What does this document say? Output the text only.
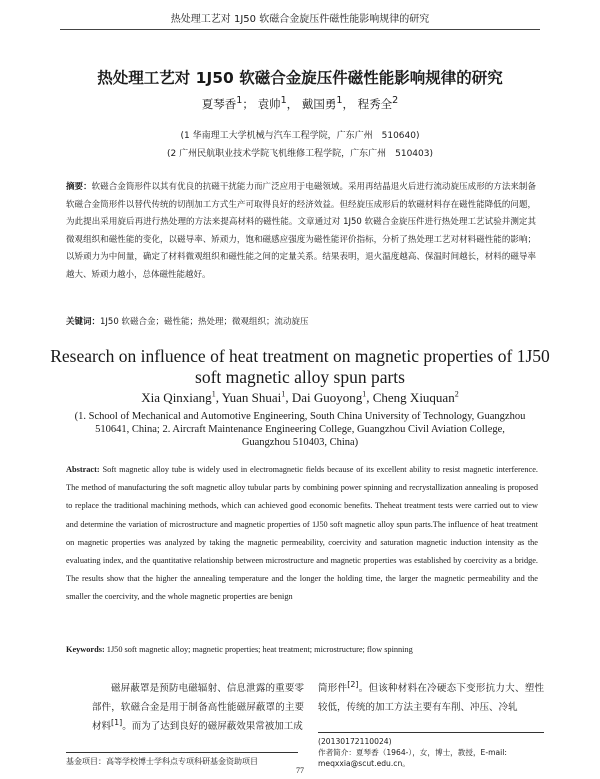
热处理工艺对 1J50 软磁合金旋压件磁性能影响规律的研究
热处理工艺对 1J50 软磁合金旋压件磁性能影响规律的研究
夏琴香$^1$； 袁帅$^1$， 戴国勇$^1$， 程秀全$^2$
(1 华南理工大学机械与汽车工程学院，广东广州　510640)
(2 广州民航职业技术学院飞机维修工程学院，广东广州　510403)

摘要：软磁合金筒形件以其有优良的抗磁干扰能力而广泛应用于电磁领域。采用再结晶退火后进行流动旋压成形的方法来制备软磁合金筒形件以替代传统的切削加工方式生产可取得良好的经济效益。但经旋压成形后的软磁材料存在磁性能降低的问题，为此提出采用旋后再进行热处理的方法来提高材料的磁性能。文章通过对 1J50 软磁合金旋压件进行热处理工艺试验并测定其微观组织和磁性能的变化，以磁导率、矫顽力，饱和磁感应强度为磁性能评价指标，分析了热处理工艺对材料磁性能的影响；以矫顽力为中间量，确定了材料微观组织和磁性能之间的定量关系。结果表明，退火温度越高、保温时间越长，材料的磁导率越大、矫顽力越小，总体磁性能越好。

关键词：1J50 软磁合金；磁性能；热处理；微观组织；流动旋压

Research on influence of heat treatment on magnetic properties of 1J50 soft magnetic alloy spun parts
Xia Qinxiang$^1$, Yuan Shuai$^1$, Dai Guoyong$^1$, Cheng Xiuquan$^2$
(1. School of Mechanical and Automotive Engineering, South China University of Technology, Guangzhou 510641, China; 2. Aircraft Maintenance Engineering College, Guangzhou Civil Aviation College, Guangzhou 510403, China)

Abstract: Soft magnetic alloy tube is widely used in electromagnetic fields because of its excellent ability to resist magnetic interference. The method of manufacturing the soft magnetic alloy tubular parts by combining power spinning and recrystallization annealing is proposed to replace the traditional machining methods, which can achieved good economic benefits. Theheat treatment tests were carried out to view and determine the variation of microstructure and magnetic properties of 1J50 soft magnetic alloy spun parts.The influence of heat treatment on magnetic properties was analyzed by taking the magnetic permeability, coercivity and saturation magnetic induction intensity as the evaluating index, and the quantitative relationship between microstructure and magnetic properties was established by coercivity as a bridge. The results show that the higher the annealing temperature and the longer the holding time, the larger the magnetic permeability and the smaller the coercivity, and the whole magnetic properties are benign

Keywords: 1J50 soft magnetic alloy; magnetic properties; heat treatment; microstructure; flow spinning

磁屏蔽罩是预防电磁辐射、信息泄露的重要零部件，软磁合金是用于制备高性能磁屏蔽罩的主要材料[1]。而为了达到良好的磁屏蔽效果常被加工成

筒形件[2]。但该种材料在冷硬态下变形抗力大、塑性较低，传统的加工方法主要有车削、冲压、冷轧

基金项目：高等学校博士学科点专项科研基金资助项目

(20130172110024)

作者简介：夏琴香（1964-），女，博士，教授，E-mail: meqxxia@scut.edu.cn。

77
